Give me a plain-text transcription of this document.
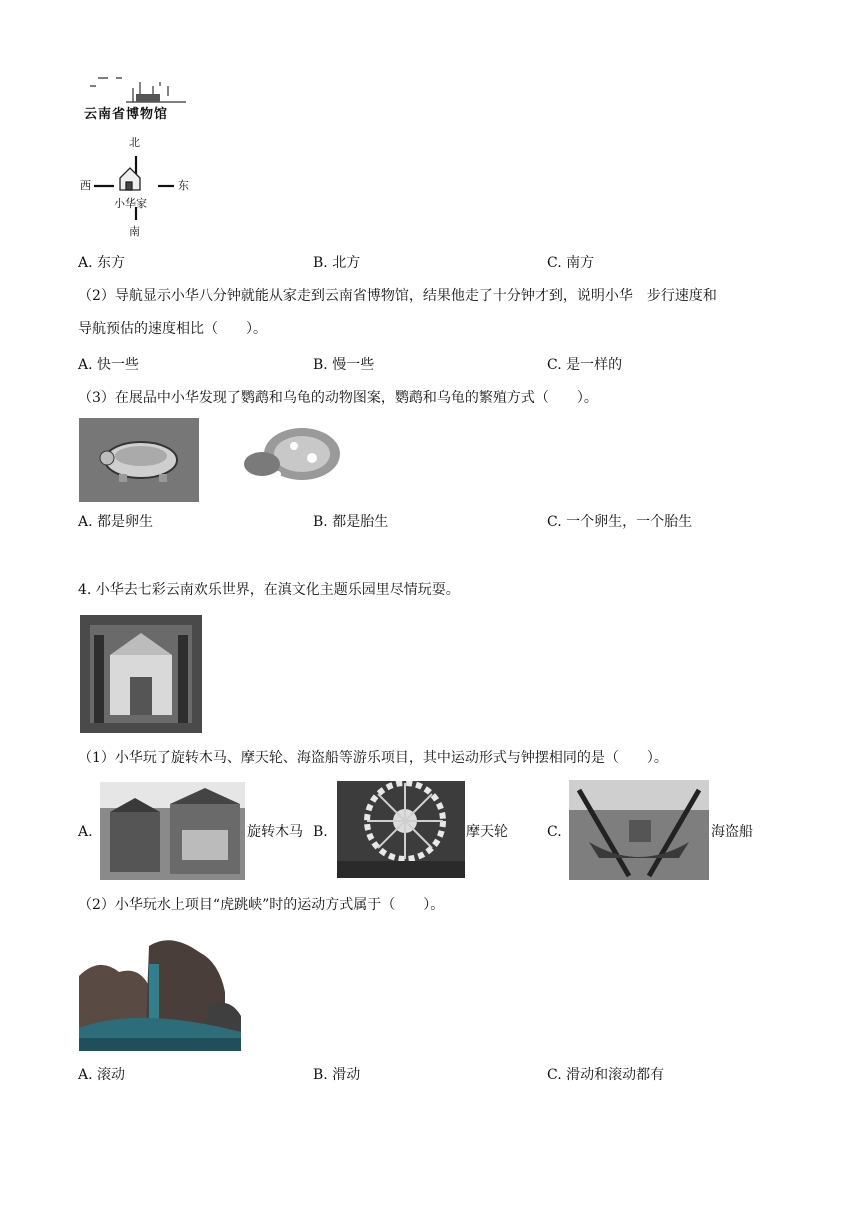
云南省博物馆
北
西	东
小华家
南
A. 东方	B. 北方	C. 南方
（2）导航显示小华八分钟就能从家走到云南省博物馆，结果他走了十分钟才到，说明小华　步行速度和
导航预估的速度相比（　　）。
A. 快一些	B. 慢一些	C. 是一样的
（3）在展品中小华发现了鹦鹉和乌龟的动物图案，鹦鹉和乌龟的繁殖方式（　　）。
A. 都是卵生	B. 都是胎生	C. 一个卵生，一个胎生
4. 小华去七彩云南欢乐世界，在滇文化主题乐园里尽情玩耍。
（1）小华玩了旋转木马、摩天轮、海盗船等游乐项目，其中运动形式与钟摆相同的是（　　）。
A.	旋转木马 B.	摩天轮	C.	海盗船
（2）小华玩水上项目“虎跳峡”时的运动方式属于（　　）。
A. 滚动	B. 滑动	C. 滑动和滚动都有
